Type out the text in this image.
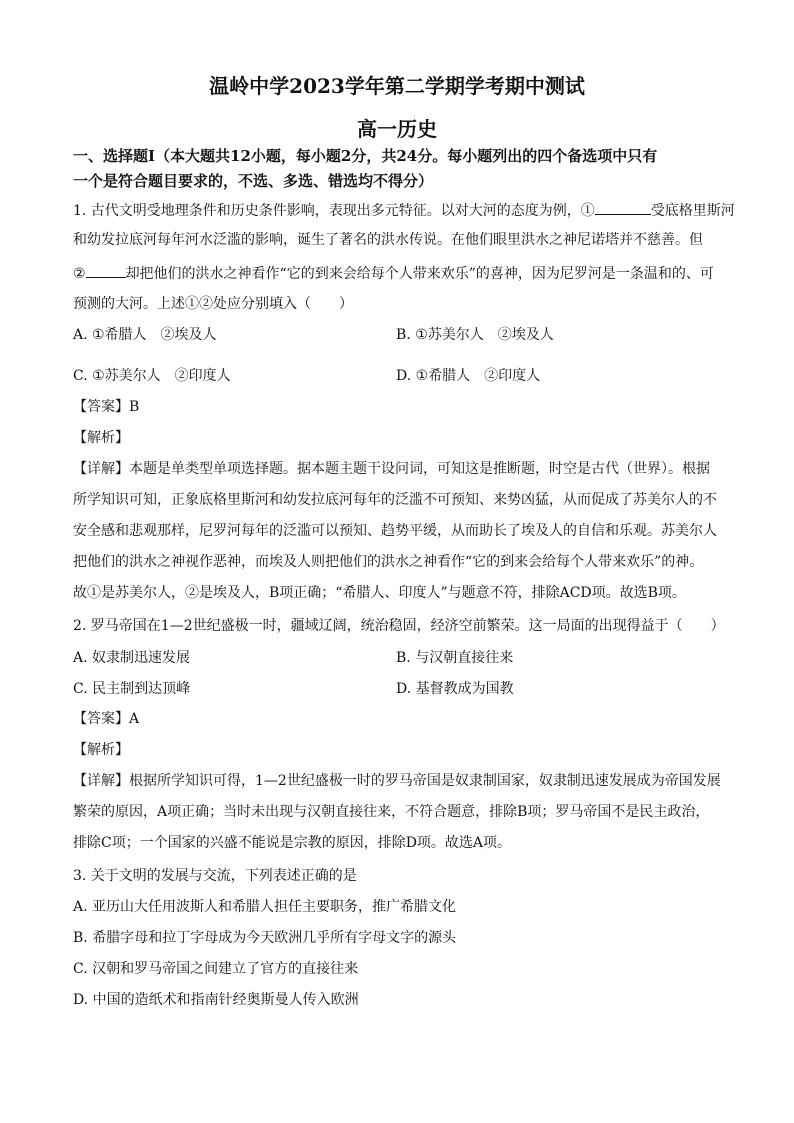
温岭中学2023学年第二学期学考期中测试
高一历史
一、选择题Ⅰ（本大题共12小题，每小题2分，共24分。每小题列出的四个备选项中只有
一个是符合题目要求的，不选、多选、错选均不得分）
1. 古代文明受地理条件和历史条件影响，表现出多元特征。以对大河的态度为例，①	受底格里斯河
和幼发拉底河每年河水泛滥的影响，诞生了著名的洪水传说。在他们眼里洪水之神尼诺塔并不慈善。但
②	却把他们的洪水之神看作“它的到来会给每个人带来欢乐”的喜神，因为尼罗河是一条温和的、可
预测的大河。上述①②处应分别填入（　　）
A. ①希腊人　②埃及人	B. ①苏美尔人　②埃及人
C. ①苏美尔人　②印度人	D. ①希腊人　②印度人
【答案】B
【解析】
【详解】本题是单类型单项选择题。据本题主题干设问词，可知这是推断题，时空是古代（世界）。根据
所学知识可知，正象底格里斯河和幼发拉底河每年的泛滥不可预知、来势凶猛，从而促成了苏美尔人的不
安全感和悲观那样，尼罗河每年的泛滥可以预知、趋势平缓，从而助长了埃及人的自信和乐观。苏美尔人
把他们的洪水之神视作恶神，而埃及人则把他们的洪水之神看作“它的到来会给每个人带来欢乐”的神。
故①是苏美尔人，②是埃及人，B项正确；“希腊人、印度人”与题意不符，排除ACD项。故选B项。
2. 罗马帝国在1—2世纪盛极一时，疆域辽阔，统治稳固，经济空前繁荣。这一局面的出现得益于（　　）
A. 奴隶制迅速发展	B. 与汉朝直接往来
C. 民主制到达顶峰	D. 基督教成为国教
【答案】A
【解析】
【详解】根据所学知识可得，1—2世纪盛极一时的罗马帝国是奴隶制国家，奴隶制迅速发展成为帝国发展
繁荣的原因，A项正确；当时未出现与汉朝直接往来，不符合题意，排除B项；罗马帝国不是民主政治，
排除C项；一个国家的兴盛不能说是宗教的原因，排除D项。故选A项。
3. 关于文明的发展与交流，下列表述正确的是
A. 亚历山大任用波斯人和希腊人担任主要职务，推广希腊文化
B. 希腊字母和拉丁字母成为今天欧洲几乎所有字母文字的源头
C. 汉朝和罗马帝国之间建立了官方的直接往来
D. 中国的造纸术和指南针经奥斯曼人传入欧洲
